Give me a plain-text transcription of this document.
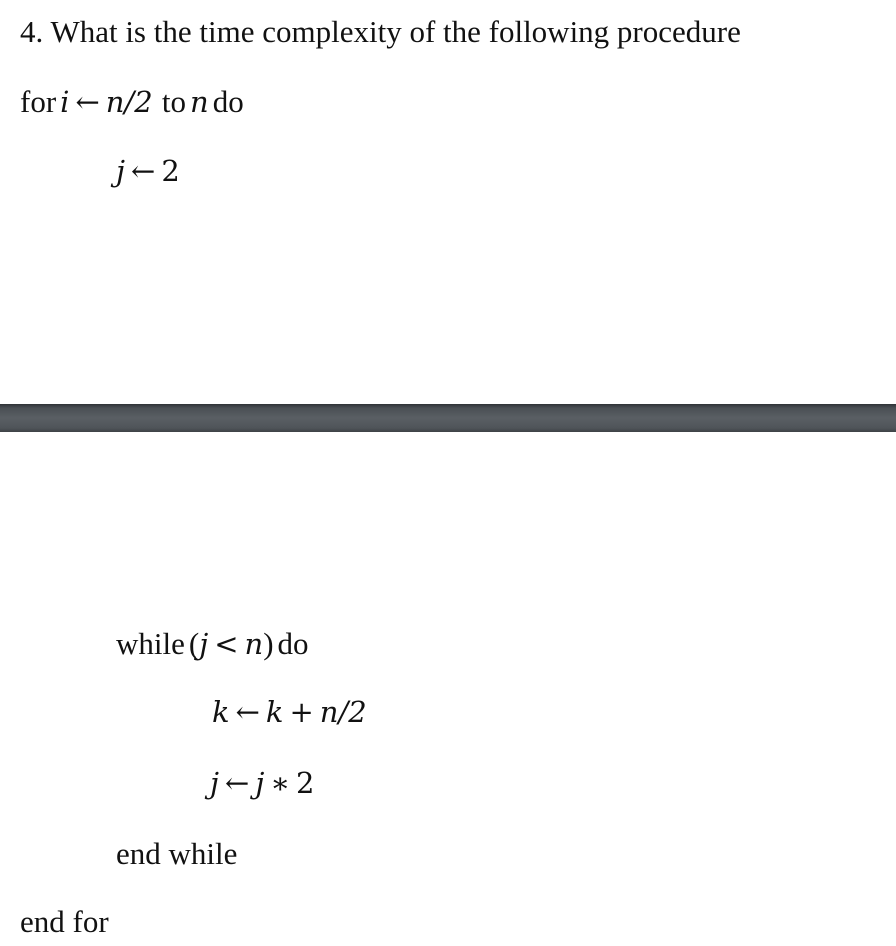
4. What is the time complexity of the following procedure
for i ← n/2 to n do
j ← 2
while (j < n) do
k ← k + n/2
j ← j ∗ 2
end while
end for
